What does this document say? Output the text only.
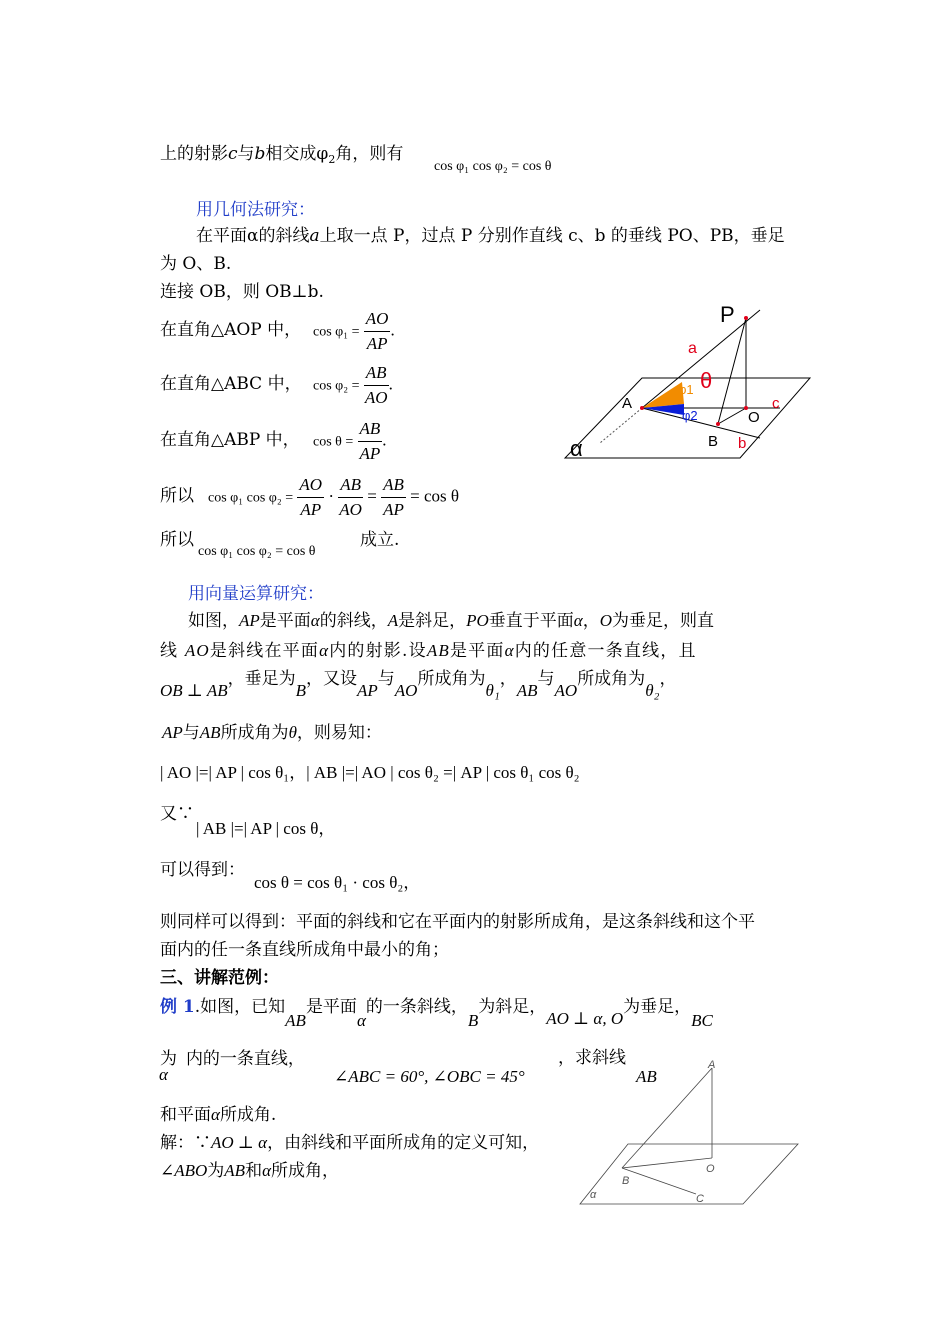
上的射影c与b相交成$\varphi_2$角，则有
cos φ₁ cos φ₂ = cos θ
用几何法研究：
在平面α的斜线a上取一点 P，过点 P 分别作直线 c、b 的垂线 PO、PB，垂足
为 O、B.
连接 OB，则 OB⊥b.
在直角△AOP 中， $\cos \varphi_1 = \frac{AO}{AP}$ .
在直角△ABC 中， $\cos \varphi_2 = \frac{AB}{AO}$ .
在直角△ABP 中， $\cos \theta = \frac{AB}{AP}$ .
所以 cos φ₁ $\cos \varphi_2 = \frac{AO}{AP} \cdot \frac{AB}{AO} = \frac{AB}{AP} = \cos \theta$
所以
cos φ₁ cos φ₂ = cos θ
成立.
用向量运算研究：
如图，AP是平面α的斜线，A是斜足，PO垂直于平面α，O为垂足，则直
线 AO是斜线在平面α内的射影.设AB是平面α内的任意一条直线，且
OB ⊥ AB，垂足为B，又设AP与AO所成角为θ₁，AB与AO所成角为θ₂，
AP与AB所成角为θ，则易知：
| AO |=| AP | cos θ₁，| AB |=| AO | cos θ₂ =| AP | cos θ₁ cos θ₂
又∵
| AB |=| AP | cos θ，
可以得到：
cos θ = cos θ₁ · cos θ₂，
则同样可以得到：平面的斜线和它在平面内的射影所成角，是这条斜线和这个平
面内的任一条直线所成角中最小的角；
三、讲解范例：
例 1.如图，已知AB是平面α的一条斜线，B为斜足，AO ⊥ α, O为垂足，BC
为α内的一条直线，
∠ABC = 60°, ∠OBC = 45°
，求斜线
AB
和平面α所成角.
解：∵AO ⊥ α，由斜线和平面所成角的定义可知，
∠ABO为AB和α所成角，
P
a
θ
φ1
φ2
A
O
c
B b
α
A
O
B
C
α
